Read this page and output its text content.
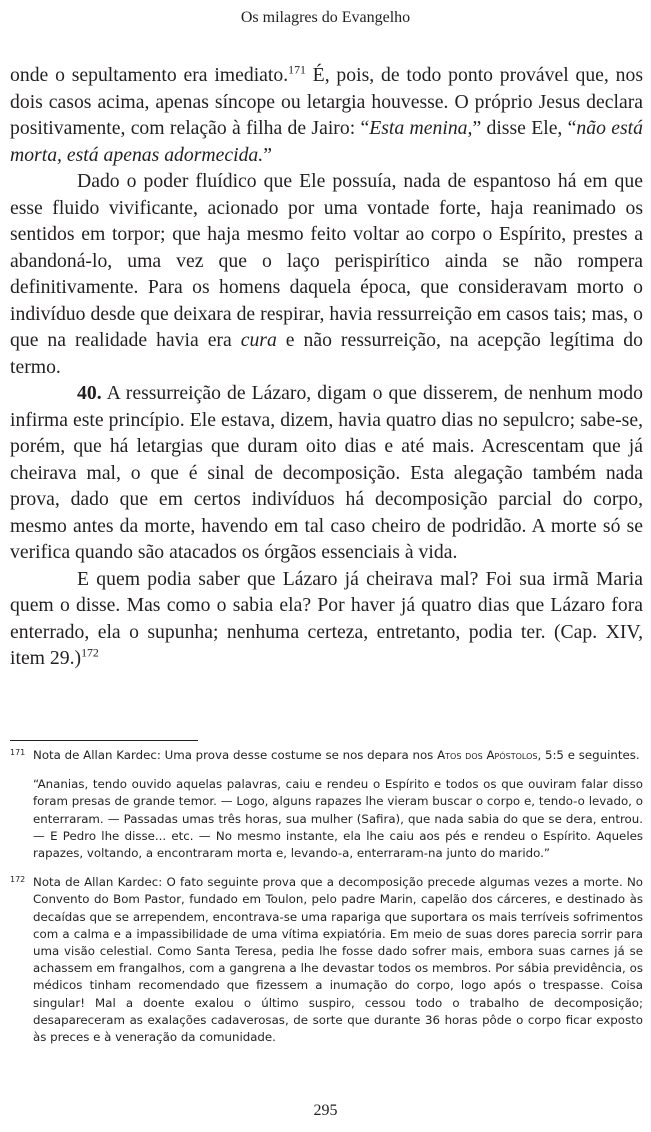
Os milagres do Evangelho

onde o sepultamento era imediato.$^{171}$ É, pois, de todo ponto provável que, nos dois casos acima, apenas síncope ou letargia houvesse. O próprio Jesus declara positivamente, com relação à filha de Jairo: “Esta menina,” disse Ele, “não está morta, está apenas adormecida.”

Dado o poder fluídico que Ele possuía, nada de espantoso há em que esse fluido vivificante, acionado por uma vontade forte, haja reanimado os sentidos em torpor; que haja mesmo feito voltar ao corpo o Espírito, prestes a abandoná-lo, uma vez que o laço perispirítico ainda se não rompera definitivamente. Para os homens daquela época, que consideravam morto o indivíduo desde que deixara de respirar, havia ressurreição em casos tais; mas, o que na realidade havia era cura e não ressurreição, na acepção legítima do termo.

40. A ressurreição de Lázaro, digam o que disserem, de nenhum modo infirma este princípio. Ele estava, dizem, havia quatro dias no sepulcro; sabe-se, porém, que há letargias que duram oito dias e até mais. Acrescentam que já cheirava mal, o que é sinal de decomposição. Esta alegação também nada prova, dado que em certos indivíduos há decomposição parcial do corpo, mesmo antes da morte, havendo em tal caso cheiro de podridão. A morte só se verifica quando são atacados os órgãos essenciais à vida.

E quem podia saber que Lázaro já cheirava mal? Foi sua irmã Maria quem o disse. Mas como o sabia ela? Por haver já quatro dias que Lázaro fora enterrado, ela o supunha; nenhuma certeza, entretanto, podia ter. (Cap. XIV, item 29.)$^{172}$

171 Nota de Allan Kardec: Uma prova desse costume se nos depara nos Atos dos Apóstolos, 5:5 e seguintes.

“Ananias, tendo ouvido aquelas palavras, caiu e rendeu o Espírito e todos os que ouviram falar disso foram presas de grande temor. — Logo, alguns rapazes lhe vieram buscar o corpo e, tendo-o levado, o enterraram. — Passadas umas três horas, sua mulher (Safira), que nada sabia do que se dera, entrou. — E Pedro lhe disse... etc. — No mesmo instante, ela lhe caiu aos pés e rendeu o Espírito. Aqueles rapazes, voltando, a encontraram morta e, levando-a, enterraram-na junto do marido.”

172 Nota de Allan Kardec: O fato seguinte prova que a decomposição precede algumas vezes a morte. No Convento do Bom Pastor, fundado em Toulon, pelo padre Marin, capelão dos cárceres, e destinado às decaídas que se arrependem, encontrava-se uma rapariga que suportara os mais terríveis sofrimentos com a calma e a impassibilidade de uma vítima expiatória. Em meio de suas dores parecia sorrir para uma visão celestial. Como Santa Teresa, pedia lhe fosse dado sofrer mais, embora suas carnes já se achassem em frangalhos, com a gangrena a lhe devastar todos os membros. Por sábia previdência, os médicos tinham recomendado que fizessem a inumação do corpo, logo após o trespasse. Coisa singular! Mal a doente exalou o último suspiro, cessou todo o trabalho de decomposição; desapareceram as exalações cadaverosas, de sorte que durante 36 horas pôde o corpo ficar exposto às preces e à veneração da comunidade.

295
